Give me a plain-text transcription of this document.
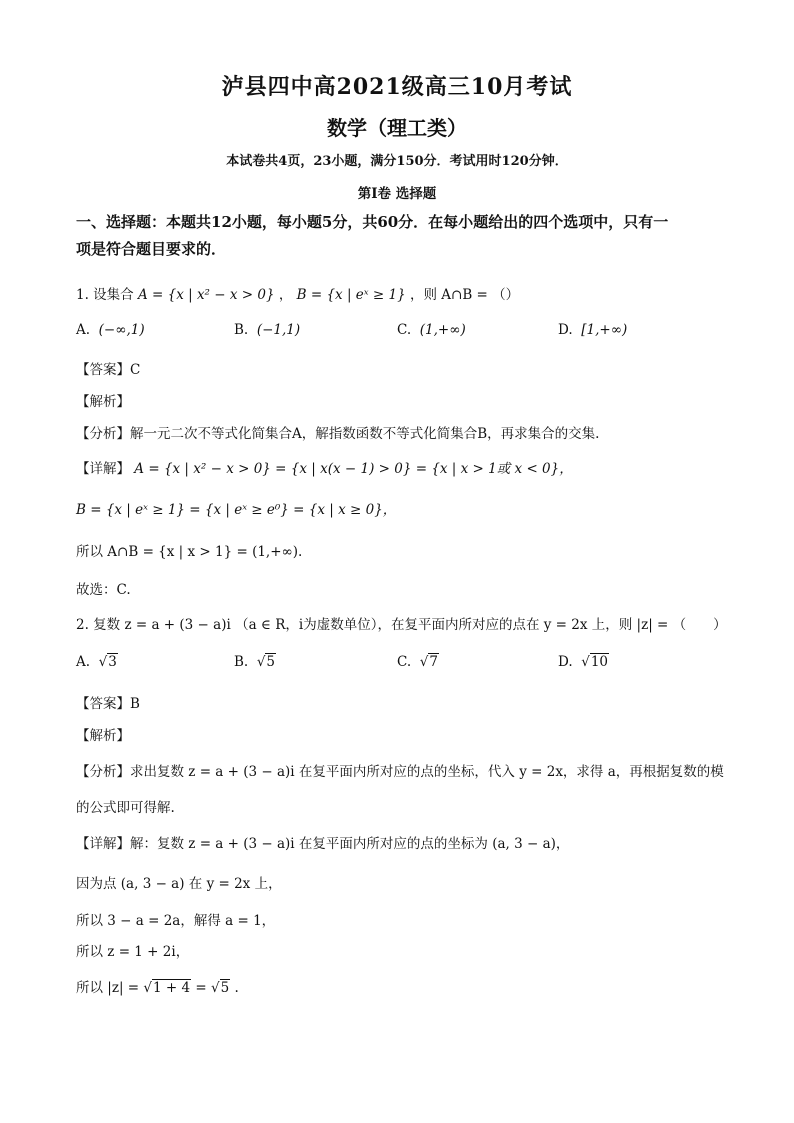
泸县四中高2021级高三10月考试
数学（理工类）
本试卷共4页，23小题，满分150分．考试用时120分钟．
第I卷 选择题
一、选择题：本题共12小题，每小题5分，共60分．在每小题给出的四个选项中，只有一
项是符合题目要求的．
1. 设集合 A = {x | x² − x > 0} ， B = {x | eˣ ≥ 1} ，则 A∩B = （）
A. (−∞,1)	B. (−1,1)	C. (1,+∞)	D. [1,+∞)
【答案】C
【解析】
【分析】解一元二次不等式化简集合A，解指数函数不等式化简集合B，再求集合的交集.
【详解】 A = {x | x² − x > 0} = {x | x(x − 1) > 0} = {x | x > 1或 x < 0}，
B = {x | eˣ ≥ 1} = {x | eˣ ≥ e⁰} = {x | x ≥ 0}，
所以 A∩B = {x | x > 1} = (1,+∞).
故选：C.
2. 复数 z = a + (3 − a)i （a ∈ R，i为虚数单位），在复平面内所对应的点在 y = 2x 上，则 |z| = （　　）
A. √3	B. √5	C. √7	D. √10
【答案】B
【解析】
【分析】求出复数 z = a + (3 − a)i 在复平面内所对应的点的坐标，代入 y = 2x，求得 a，再根据复数的模
的公式即可得解.
【详解】解：复数 z = a + (3 − a)i 在复平面内所对应的点的坐标为 (a, 3 − a)，
因为点 (a, 3 − a) 在 y = 2x 上，
所以 3 − a = 2a，解得 a = 1，
所以 z = 1 + 2i，
所以 |z| = √1 + 4 = √5 .
